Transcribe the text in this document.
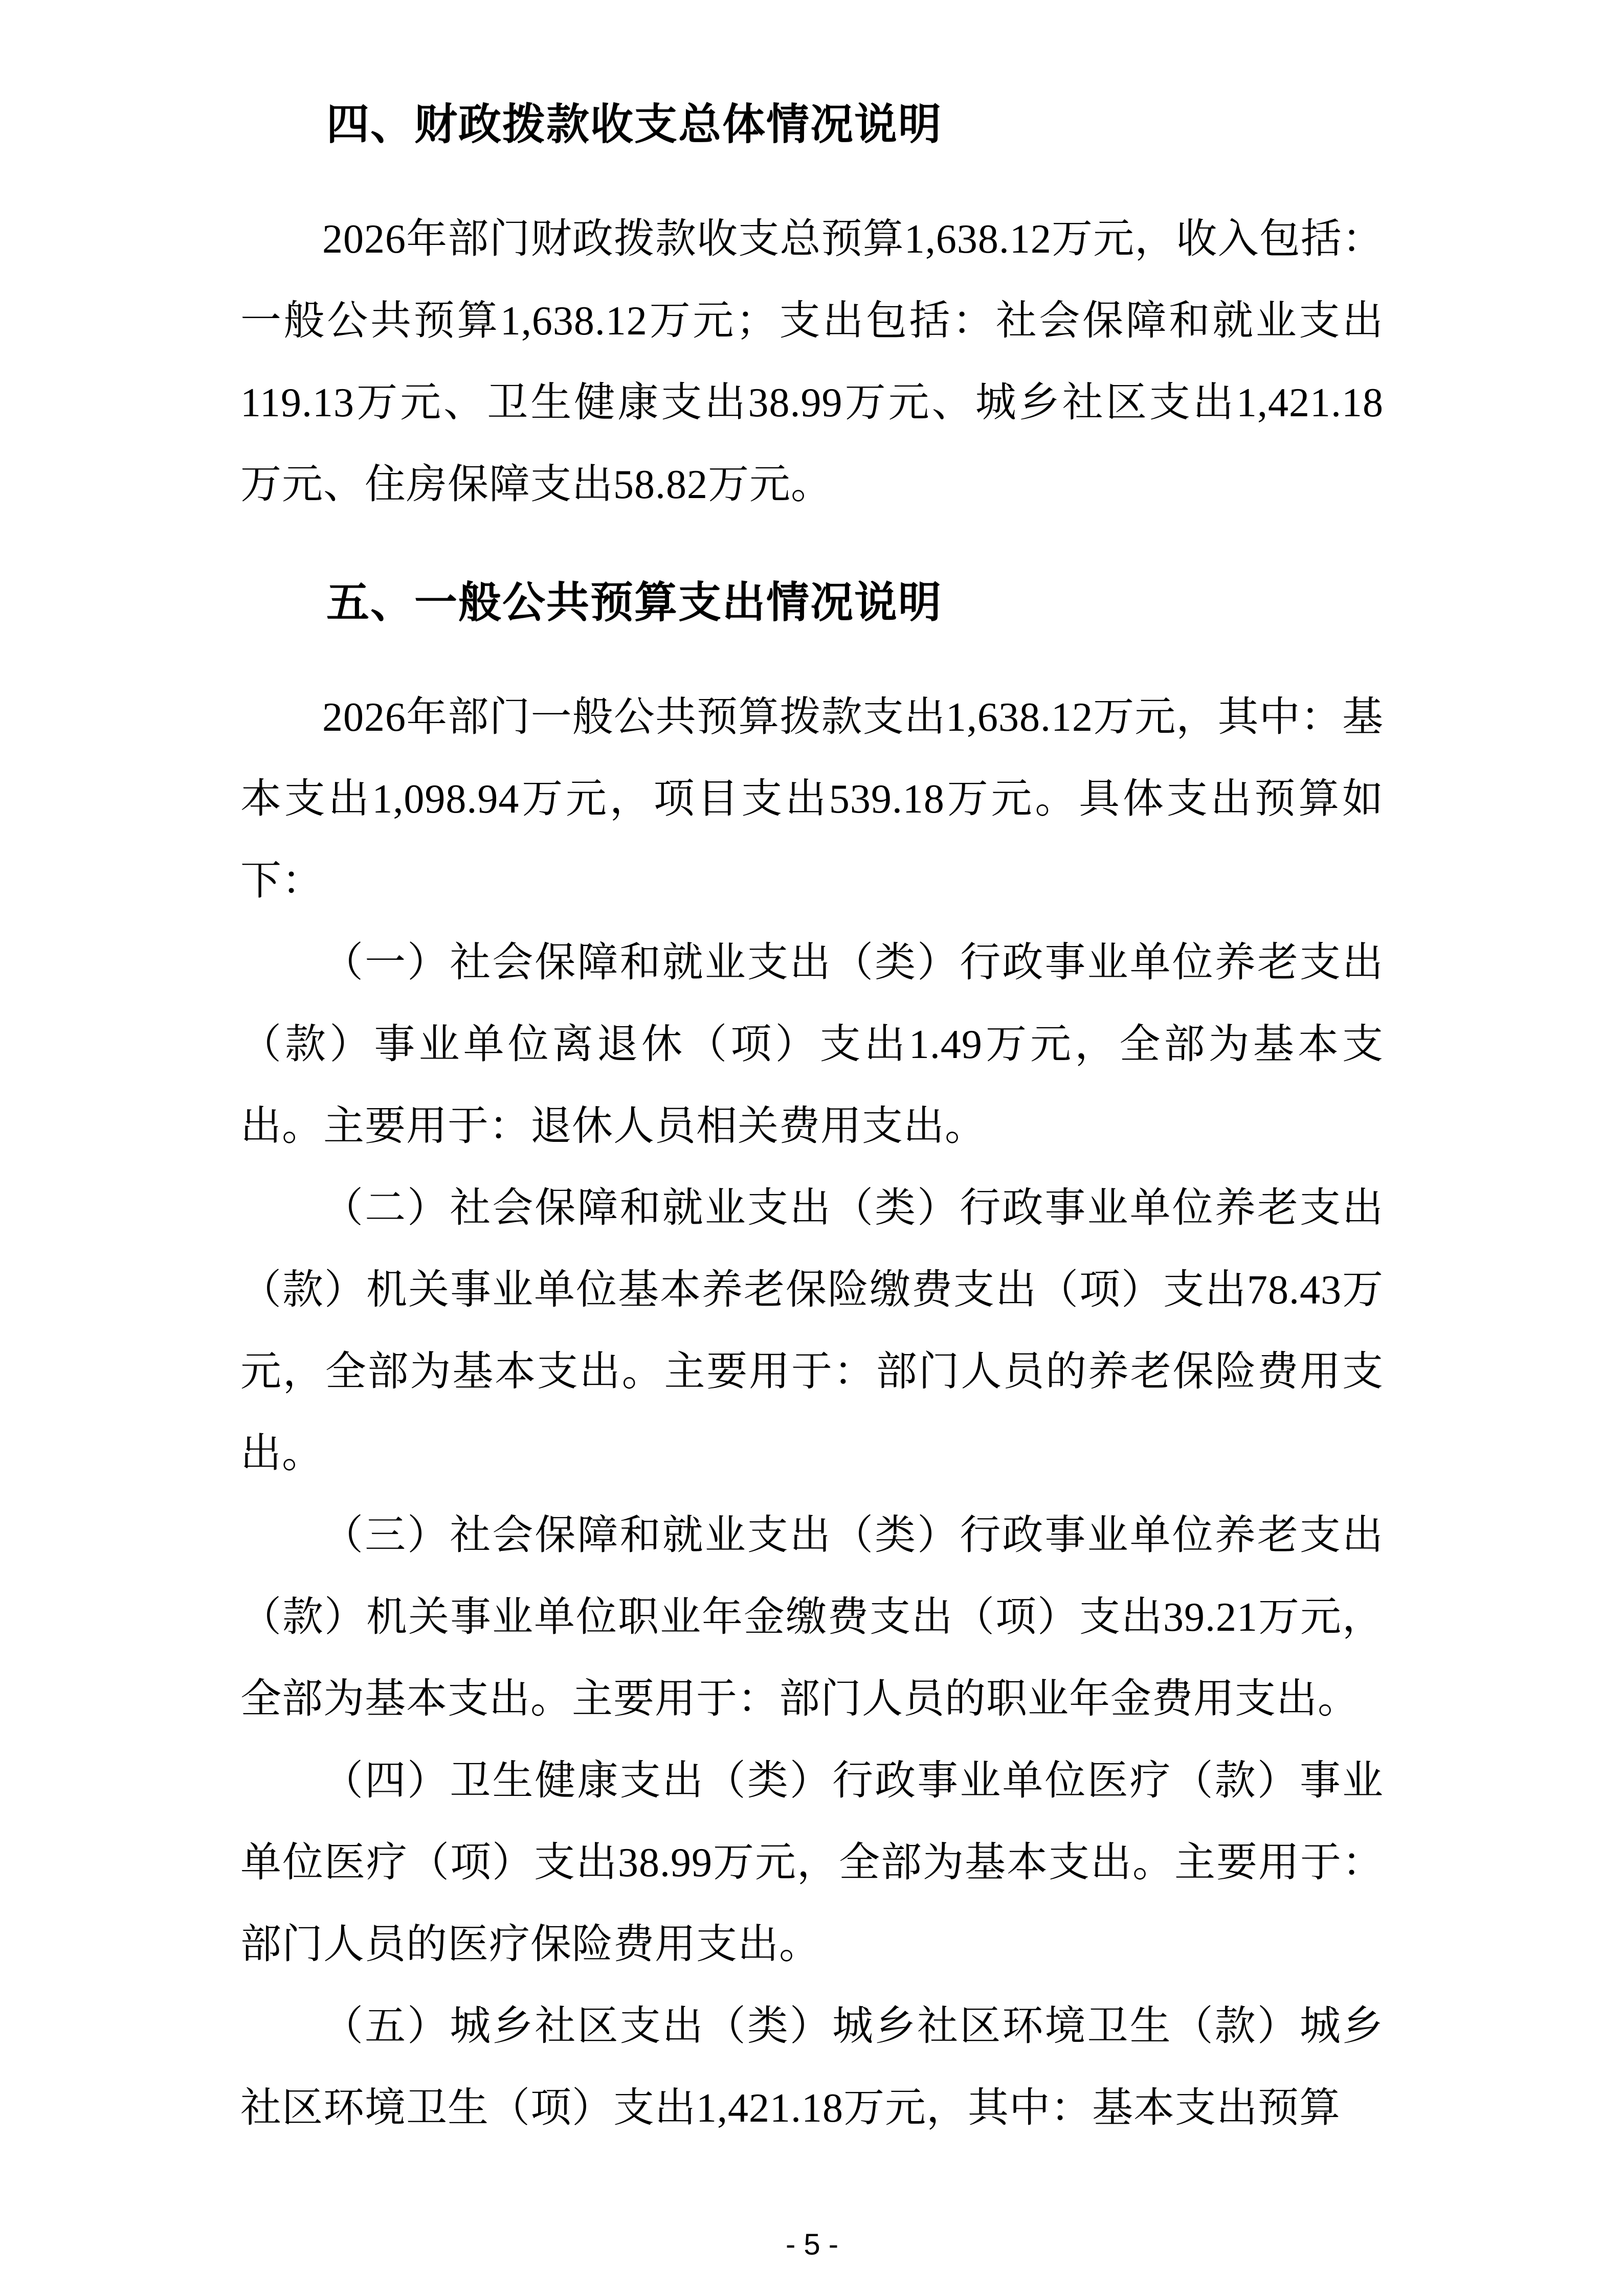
四、财政拨款收支总体情况说明

2026年部门财政拨款收支总预算1,638.12万元，收入包括：一般公共预算1,638.12万元；支出包括：社会保障和就业支出119.13万元、卫生健康支出38.99万元、城乡社区支出1,421.18万元、住房保障支出58.82万元。

五、一般公共预算支出情况说明

2026年部门一般公共预算拨款支出1,638.12万元，其中：基本支出1,098.94万元，项目支出539.18万元。具体支出预算如下：

（一）社会保障和就业支出（类）行政事业单位养老支出（款）事业单位离退休（项）支出1.49万元，全部为基本支出。主要用于：退休人员相关费用支出。

（二）社会保障和就业支出（类）行政事业单位养老支出（款）机关事业单位基本养老保险缴费支出（项）支出78.43万元，全部为基本支出。主要用于：部门人员的养老保险费用支出。

（三）社会保障和就业支出（类）行政事业单位养老支出（款）机关事业单位职业年金缴费支出（项）支出39.21万元，全部为基本支出。主要用于：部门人员的职业年金费用支出。

（四）卫生健康支出（类）行政事业单位医疗（款）事业单位医疗（项）支出38.99万元，全部为基本支出。主要用于：部门人员的医疗保险费用支出。

（五）城乡社区支出（类）城乡社区环境卫生（款）城乡社区环境卫生（项）支出1,421.18万元，其中：基本支出预算

- 5 -
